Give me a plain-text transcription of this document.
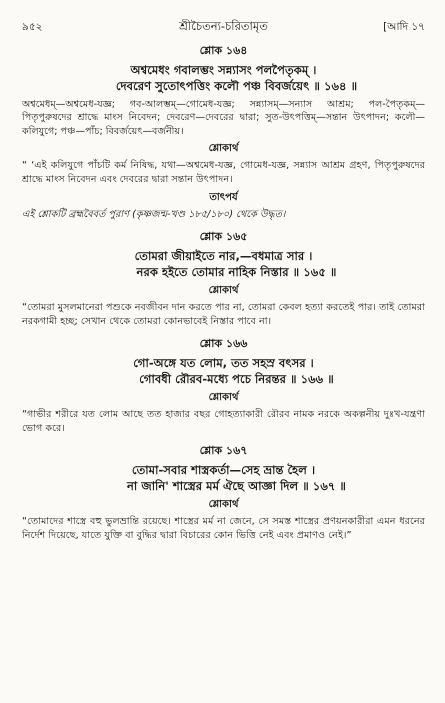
৯৫২	শ্রীচৈতন্য-চরিতামৃত	[আদি ১৭
শ্লোক ১৬৪
অশ্বমেধং গবালম্ভং সন্ন্যাসং পলপৈতৃকম্ ।
দেবরেণ সুতোৎপত্তিং কলৌ পঞ্চ বিবর্জয়েৎ ॥ ১৬৪ ॥
অশ্বমেধম্—অশ্বমেধ-যজ্ঞ; গব-আলম্ভম্—গোমেধ-যজ্ঞ; সন্ন্যাসম্—সন্যাস আশ্রম; পল-পৈতৃকম্—পিতৃপুরুষদের শ্রাদ্ধে মাংস নিবেদন; দেবরেণ—দেবরের দ্বারা; সুত-উৎপত্তিম্—সন্তান উৎপাদন; কলৌ—কলিযুগে; পঞ্চ—পাঁচ; বিবর্জয়েৎ—বর্জনীয়।
শ্লোকার্থ
“ ‘এই কলিযুগে পাঁচটি কর্ম নিষিদ্ধ, যথা—অশ্বমেধ-যজ্ঞ, গোমেধ-যজ্ঞ, সন্ন্যাস আশ্রম গ্রহণ, পিতৃপুরুষদের শ্রাদ্ধে মাংস নিবেদন এবং দেবরের দ্বারা সন্তান উৎপাদন।
তাৎপর্য
এই শ্লোকটি ব্রহ্মবৈবর্ত পুরাণ (কৃষ্ণজন্ম-খণ্ড ১৮৫/১৮০) থেকে উদ্ধৃত।
শ্লোক ১৬৫
তোমরা জীয়াইতে নার,—বধমাত্র সার ।
নরক হইতে তোমার নাহিক নিস্তার ॥ ১৬৫ ॥
শ্লোকার্থ
“তোমরা মুসলমানেরা পশুকে নবজীবন দান করতে পার না, তোমরা কেবল হত্যা করতেই পার। তাই তোমরা নরকগামী হচ্ছ; সেখান থেকে তোমরা কোনভাবেই নিস্তার পাবে না।
শ্লোক ১৬৬
গো-অঙ্গে যত লোম, তত সহস্র বৎসর ।
গোবধী রৌরব-মধ্যে পচে নিরন্তর ॥ ১৬৬ ॥
শ্লোকার্থ
“গাভীর শরীরে যত লোম আছে তত হাজার বছর গোহত্যাকারী রৌরব নামক নরকে অকল্পনীয় দুঃখ-যন্ত্রণা ভোগ করে।
শ্লোক ১৬৭
তোমা-সবার শাস্ত্রকর্তা—সেহ ভ্রান্ত হৈল ।
না জানি' শাস্ত্রের মর্ম ঐছে আজ্ঞা দিল ॥ ১৬৭ ॥
শ্লোকার্থ
“তোমাদের শাস্ত্রে বহু ভুলভ্রান্তি রয়েছে। শাস্ত্রের মর্ম না জেনে, সে সমস্ত শাস্ত্রের প্রণয়নকারীরা এমন ধরনের নির্দেশ দিয়েছে, যাতে যুক্তি বা বুদ্ধির দ্বারা বিচারের কোন ভিত্তি নেই এবং প্রমাণও নেই।”
